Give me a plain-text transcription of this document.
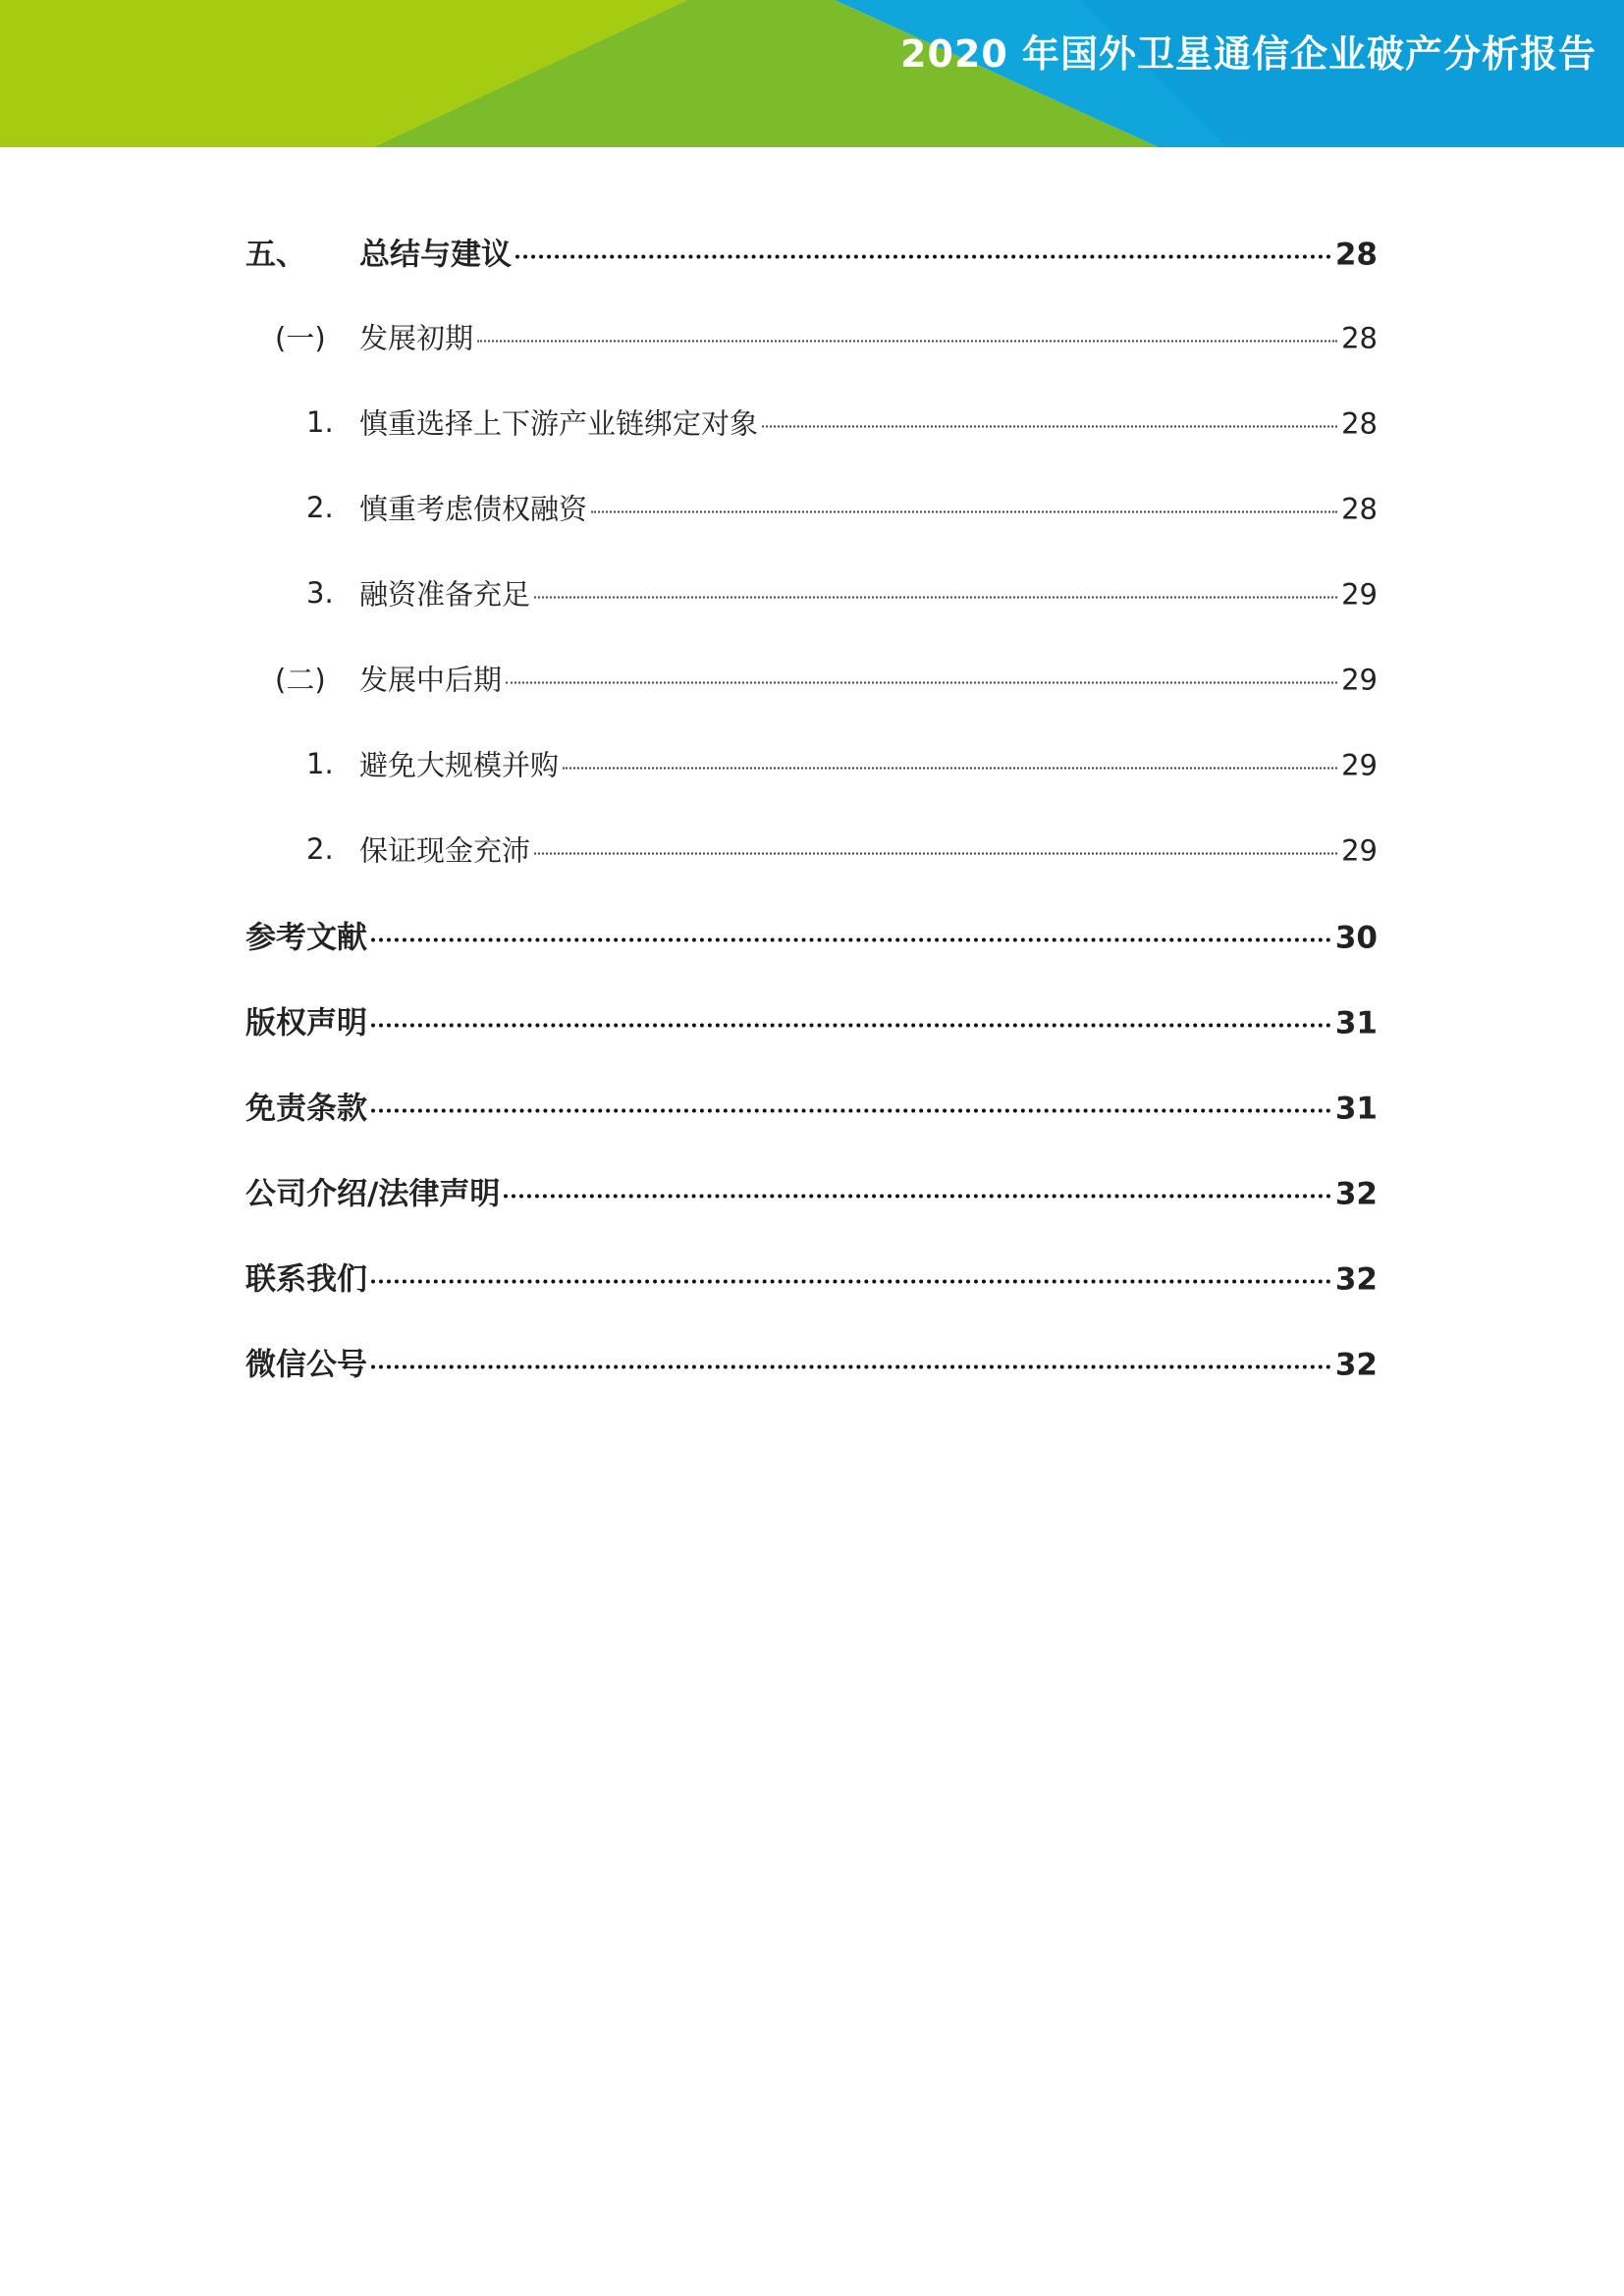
2020 年国外卫星通信企业破产分析报告
五、 总结与建议	28
(一) 发展初期	28
1. 慎重选择上下游产业链绑定对象	28
2. 慎重考虑债权融资	28
3. 融资准备充足	29
(二) 发展中后期	29
1. 避免大规模并购	29
2. 保证现金充沛	29
参考文献	30
版权声明	31
免责条款	31
公司介绍/法律声明	32
联系我们	32
微信公号	32
